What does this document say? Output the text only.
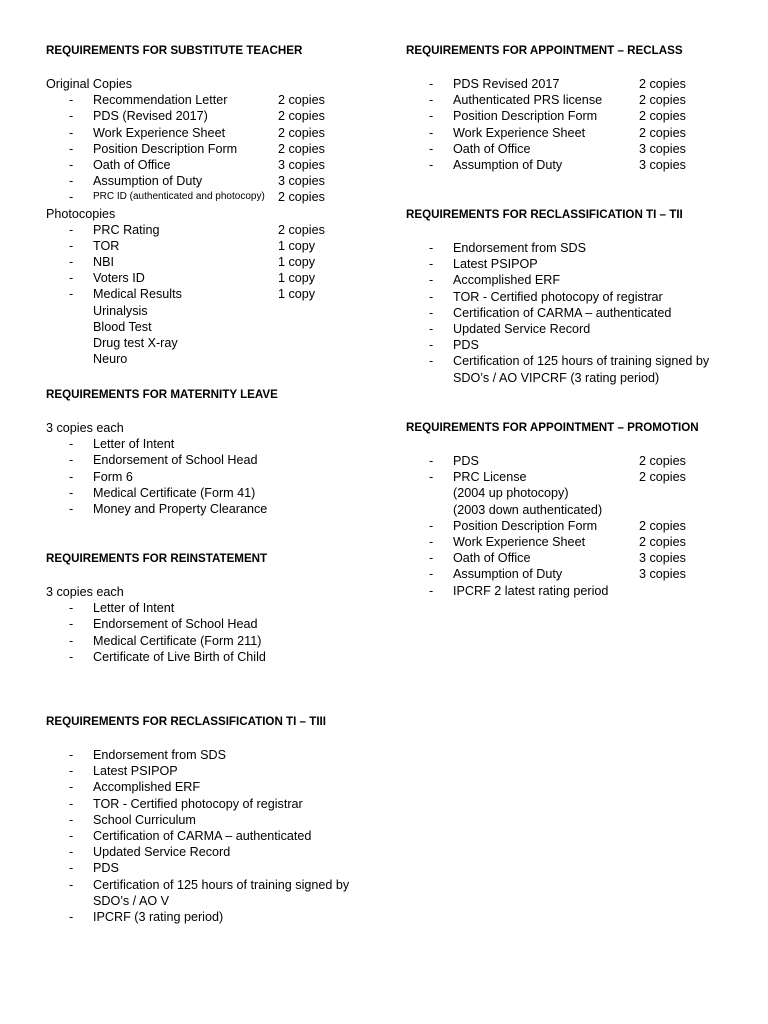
REQUIREMENTS FOR SUBSTITUTE TEACHER
Original Copies
- Recommendation Letter	2 copies
- PDS (Revised 2017)	2 copies
- Work Experience Sheet	2 copies
- Position Description Form	2 copies
- Oath of Office	3 copies
- Assumption of Duty	3 copies
- PRC ID (authenticated and photocopy) 2 copies
Photocopies
- PRC Rating	2 copies
- TOR	1 copy
- NBI	1 copy
- Voters ID	1 copy
- Medical Results	1 copy
Urinalysis
Blood Test
Drug test X-ray
Neuro
REQUIREMENTS FOR MATERNITY LEAVE
3 copies each
- Letter of Intent
- Endorsement of School Head
- Form 6
- Medical Certificate (Form 41)
- Money and Property Clearance
REQUIREMENTS FOR REINSTATEMENT
3 copies each
- Letter of Intent
- Endorsement of School Head
- Medical Certificate (Form 211)
- Certificate of Live Birth of Child
REQUIREMENTS FOR RECLASSIFICATION TI – TIII
- Endorsement from SDS
- Latest PSIPOP
- Accomplished ERF
- TOR - Certified photocopy of registrar
- School Curriculum
- Certification of CARMA – authenticated
- Updated Service Record
- PDS
- Certification of 125 hours of training signed by SDO’s / AO V
- IPCRF (3 rating period)
REQUIREMENTS FOR APPOINTMENT – RECLASS
- PDS Revised 2017	2 copies
- Authenticated PRS license	2 copies
- Position Description Form	2 copies
- Work Experience Sheet	2 copies
- Oath of Office	3 copies
- Assumption of Duty	3 copies
REQUIREMENTS FOR RECLASSIFICATION TI – TII
- Endorsement from SDS
- Latest PSIPOP
- Accomplished ERF
- TOR - Certified photocopy of registrar
- Certification of CARMA – authenticated
- Updated Service Record
- PDS
- Certification of 125 hours of training signed by SDO’s / AO VIPCRF (3 rating period)
REQUIREMENTS FOR APPOINTMENT – PROMOTION
- PDS	2 copies
- PRC License	2 copies
(2004 up photocopy)
(2003 down authenticated)
- Position Description Form	2 copies
- Work Experience Sheet	2 copies
- Oath of Office	3 copies
- Assumption of Duty	3 copies
- IPCRF 2 latest rating period
